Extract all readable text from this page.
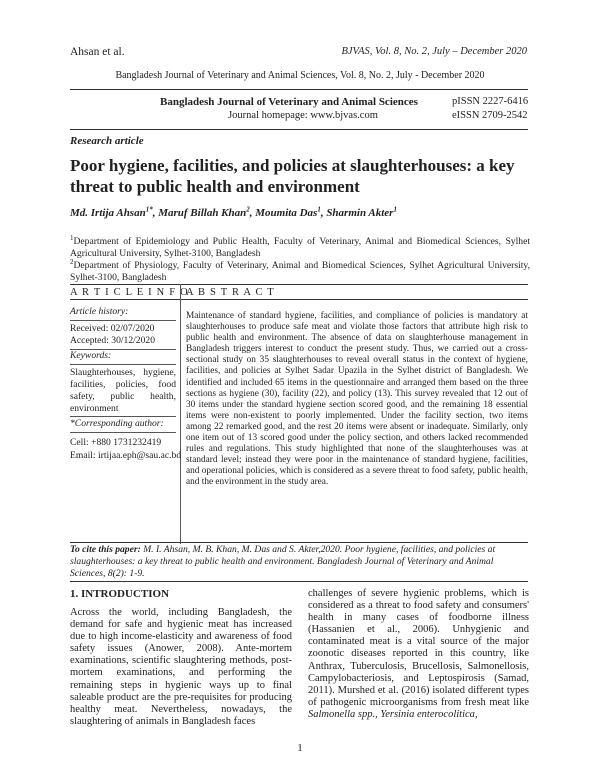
Ahsan et al.	BJVAS, Vol. 8, No. 2, July – December 2020
Bangladesh Journal of Veterinary and Animal Sciences, Vol. 8, No. 2, July - December 2020
Bangladesh Journal of Veterinary and Animal Sciences
Journal homepage: www.bjvas.com
pISSN 2227-6416
eISSN 2709-2542
Research article
Poor hygiene, facilities, and policies at slaughterhouses: a key threat to public health and environment
Md. Irtija Ahsan$^{1*}$, Maruf Billah Khan$^2$, Moumita Das$^1$, Sharmin Akter$^1$
$^1$Department of Epidemiology and Public Health, Faculty of Veterinary, Animal and Biomedical Sciences, Sylhet Agricultural University, Sylhet-3100, Bangladesh
$^2$Department of Physiology, Faculty of Veterinary, Animal and Biomedical Sciences, Sylhet Agricultural University, Sylhet-3100, Bangladesh
A R T I C L E I N F O
A B S T R A C T
Article history:
Received: 02/07/2020
Accepted: 30/12/2020
Keywords:
Slaughterhouses, hygiene, facilities, policies, food safety, public health, environment
*Corresponding author:
Cell: +880 1731232419
Email: irtijaa.eph@sau.ac.bd
Maintenance of standard hygiene, facilities, and compliance of policies is mandatory at slaughterhouses to produce safe meat and violate those factors that attribute high risk to public health and environment. The absence of data on slaughterhouse management in Bangladesh triggers interest to conduct the present study. Thus, we carried out a cross-sectional study on 35 slaughterhouses to reveal overall status in the context of hygiene, facilities, and policies at Sylhet Sadar Upazila in the Sylhet district of Bangladesh. We identified and included 65 items in the questionnaire and arranged them based on the three sections as hygiene (30), facility (22), and policy (13). This survey revealed that 12 out of 30 items under the standard hygiene section scored good, and the remaining 18 essential items were non-existent to poorly implemented. Under the facility section, two items among 22 remarked good, and the rest 20 items were absent or inadequate. Similarly, only one item out of 13 scored good under the policy section, and others lacked recommended rules and regulations. This study highlighted that none of the slaughterhouses was at standard level; instead they were poor in the maintenance of standard hygiene, facilities, and operational policies, which is considered as a severe threat to food safety, public health, and the environment in the study area.
To cite this paper: M. I. Ahsan, M. B. Khan, M. Das and S. Akter,2020. Poor hygiene, facilities, and policies at slaughterhouses: a key threat to public health and environment. Bangladesh Journal of Veterinary and Animal Sciences, 8(2): 1-9.
1. INTRODUCTION
Across the world, including Bangladesh, the demand for safe and hygienic meat has increased due to high income-elasticity and awareness of food safety issues (Anower, 2008). Ante-mortem examinations, scientific slaughtering methods, post-mortem examinations, and performing the remaining steps in hygienic ways up to final saleable product are the pre-requisites for producing healthy meat. Nevertheless, nowadays, the slaughtering of animals in Bangladesh faces
challenges of severe hygienic problems, which is considered as a threat to food safety and consumers' health in many cases of foodborne illness (Hassanien et al., 2006). Unhygienic and contaminated meat is a vital source of the major zoonotic diseases reported in this country, like Anthrax, Tuberculosis, Brucellosis, Salmonellosis, Campylobacteriosis, and Leptospirosis (Samad, 2011). Murshed et al. (2016) isolated different types of pathogenic microorganisms from fresh meat like Salmonella spp., Yersinia enterocolitica,
1
